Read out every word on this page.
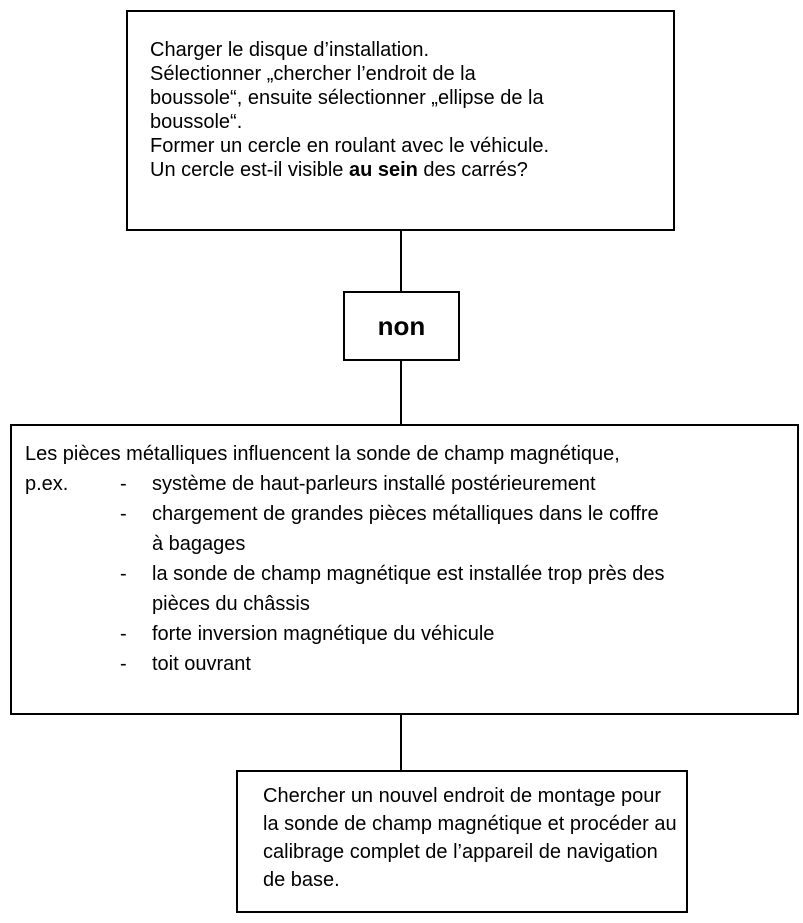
Charger le disque d’installation.
Sélectionner „chercher l’endroit de la
boussole“, ensuite sélectionner „ellipse de la
boussole“.
Former un cercle en roulant avec le véhicule.
Un cercle est-il visible au sein des carrés?
non
Les pièces métalliques influencent la sonde de champ magnétique,
p.ex.	- système de haut-parleurs installé postérieurement
- chargement de grandes pièces métalliques dans le coffre
à bagages
- la sonde de champ magnétique est installée trop près des
pièces du châssis
- forte inversion magnétique du véhicule
- toit ouvrant
Chercher un nouvel endroit de montage pour
la sonde de champ magnétique et procéder au
calibrage complet de l’appareil de navigation
de base.
